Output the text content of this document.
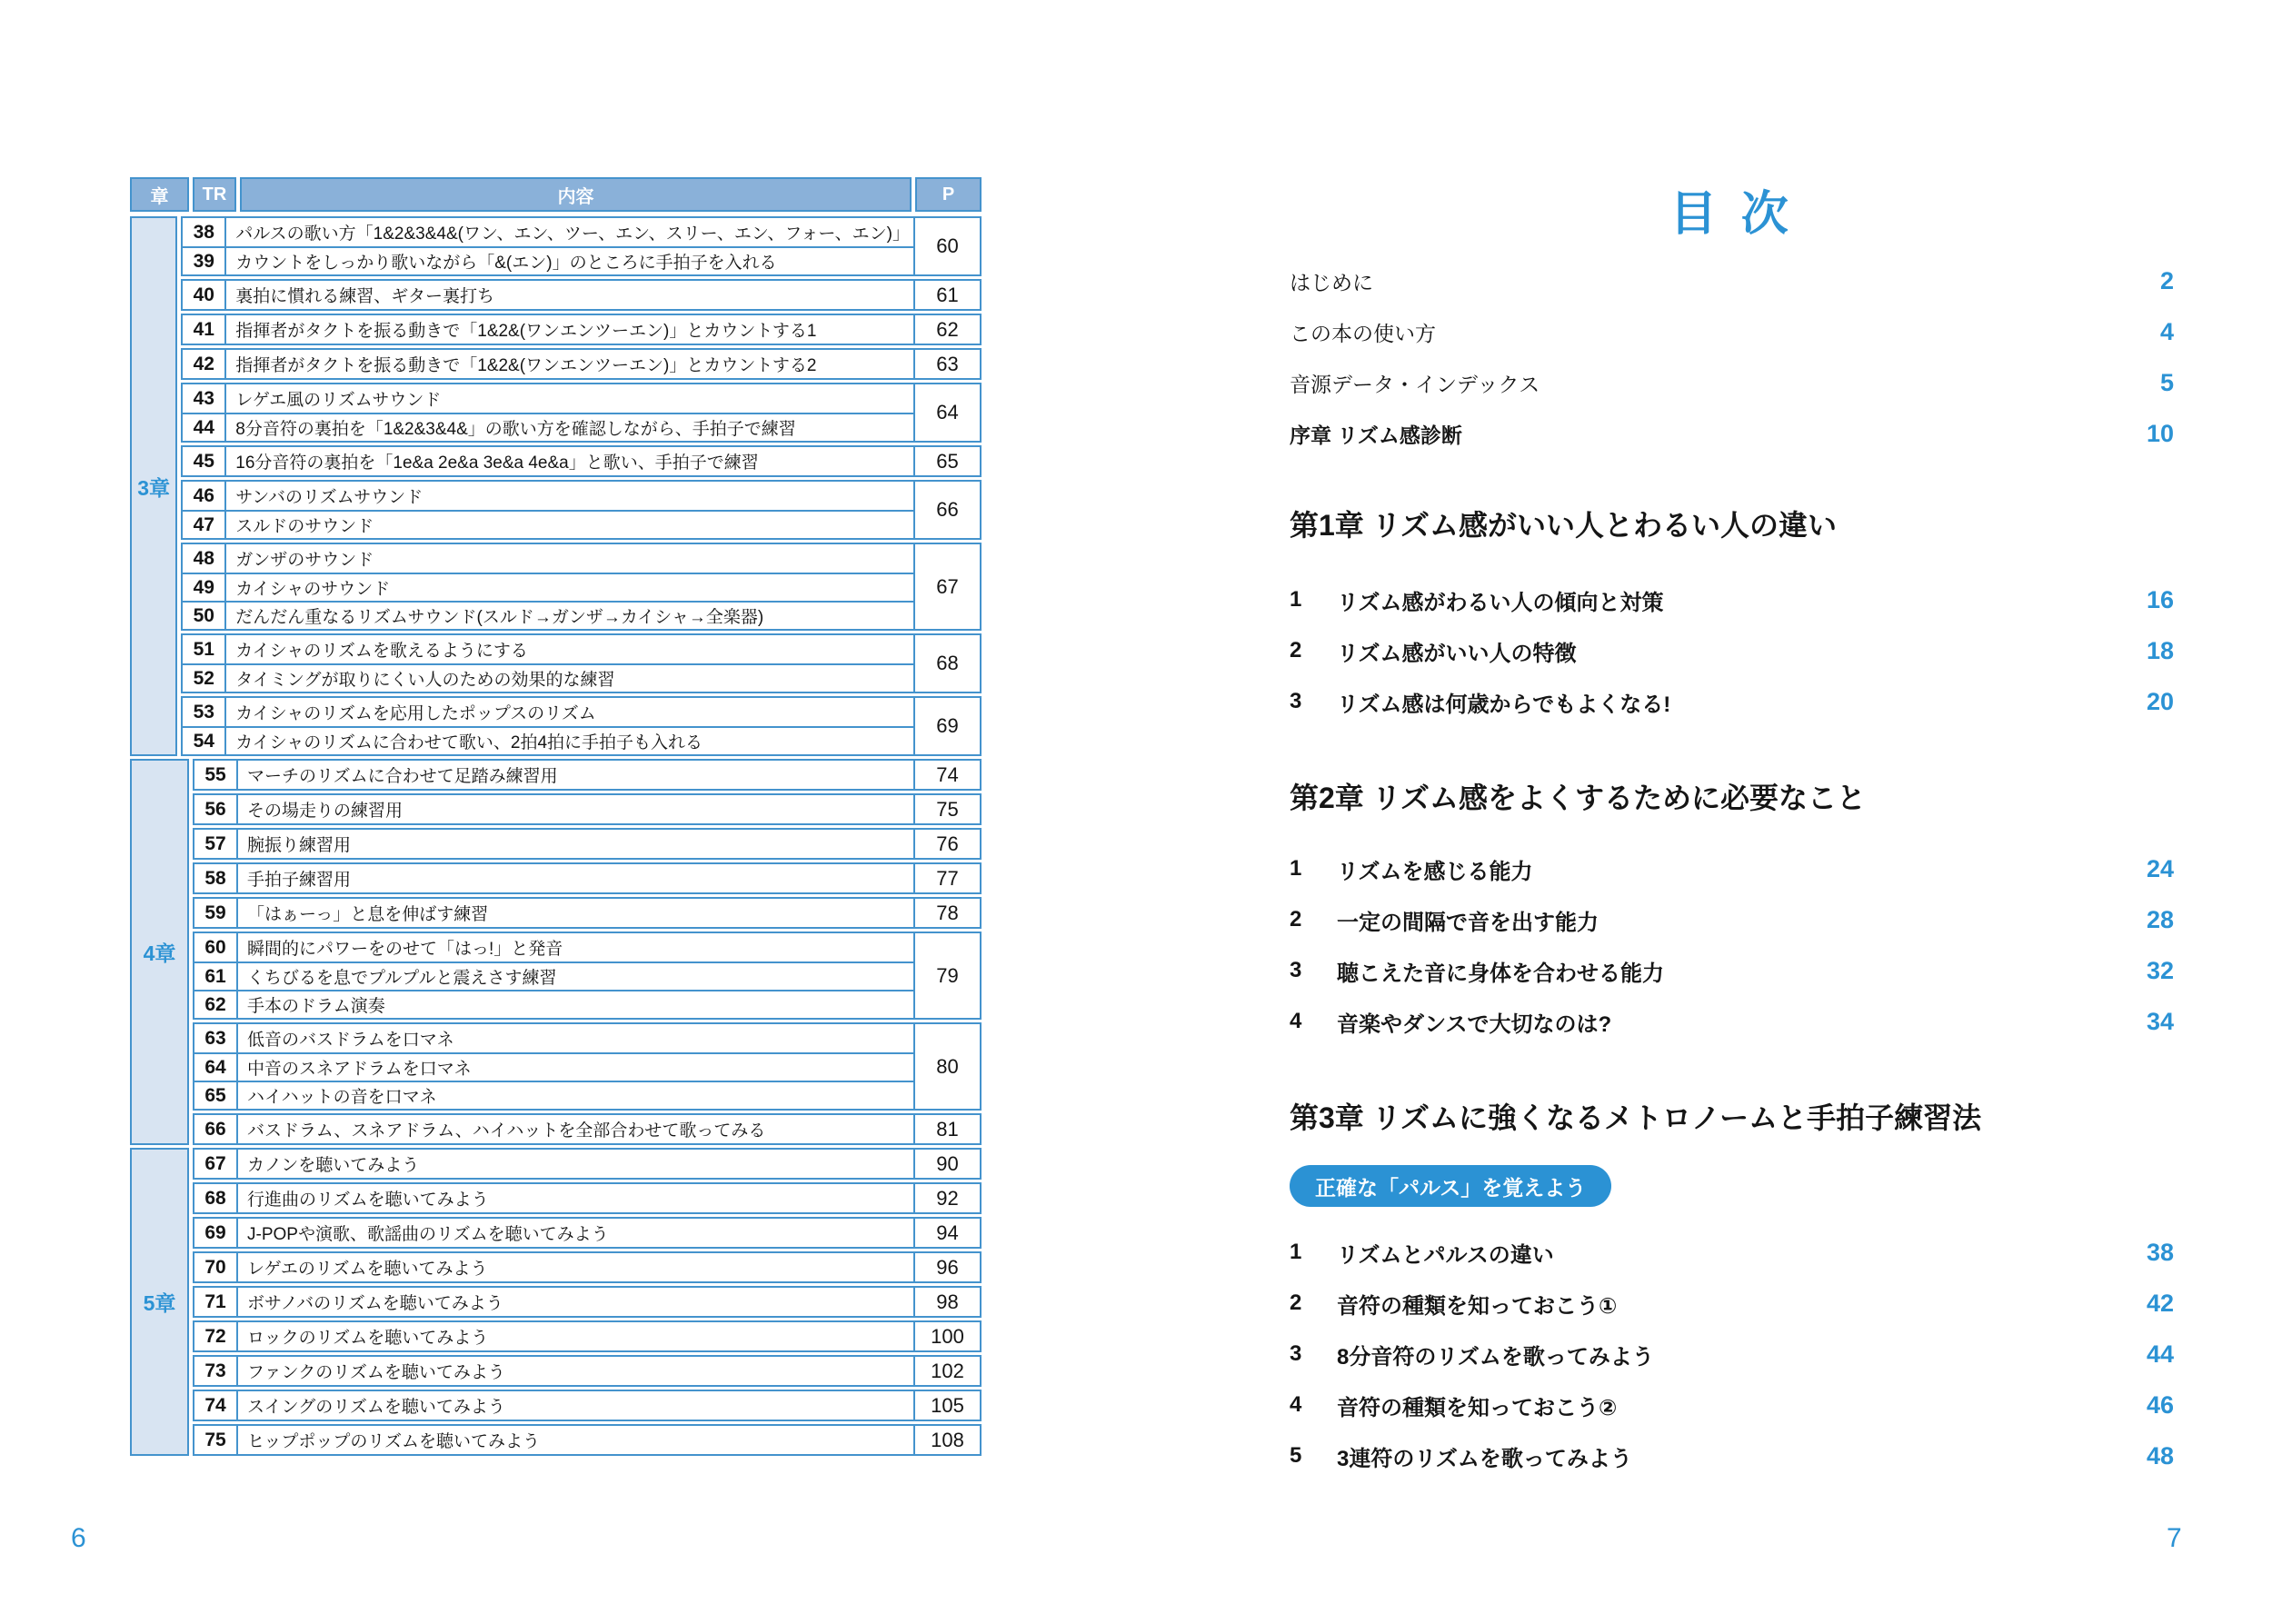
章	TR	内容	P
3章
38	パルスの歌い方「1&2&3&4&(ワン、エン、ツー、エン、スリー、エン、フォー、エン)」
39	カウントをしっかり歌いながら「&(エン)」のところに手拍子を入れる
60
40	裏拍に慣れる練習、ギター裏打ち	61
41	指揮者がタクトを振る動きで「1&2&(ワンエンツーエン)」とカウントする1	62
42	指揮者がタクトを振る動きで「1&2&(ワンエンツーエン)」とカウントする2	63
43	レゲエ風のリズムサウンド
44	8分音符の裏拍を「1&2&3&4&」の歌い方を確認しながら、手拍子で練習
64
45	16分音符の裏拍を「1e&a 2e&a 3e&a 4e&a」と歌い、手拍子で練習	65
46	サンバのリズムサウンド
47	スルドのサウンド
66
48	ガンザのサウンド
49	カイシャのサウンド
50	だんだん重なるリズムサウンド(スルド→ガンザ→カイシャ→全楽器)
67
51	カイシャのリズムを歌えるようにする
52	タイミングが取りにくい人のための効果的な練習
68
53	カイシャのリズムを応用したポップスのリズム
54	カイシャのリズムに合わせて歌い、2拍4拍に手拍子も入れる
69
4章
55	マーチのリズムに合わせて足踏み練習用	74
56	その場走りの練習用	75
57	腕振り練習用	76
58	手拍子練習用	77
59	「はぁーっ」と息を伸ばす練習	78
60	瞬間的にパワーをのせて「はっ!」と発音
61	くちびるを息でプルプルと震えさす練習
62	手本のドラム演奏
79
63	低音のバスドラムを口マネ
64	中音のスネアドラムを口マネ
65	ハイハットの音を口マネ
80
66	バスドラム、スネアドラム、ハイハットを全部合わせて歌ってみる	81
5章
67	カノンを聴いてみよう	90
68	行進曲のリズムを聴いてみよう	92
69	J-POPや演歌、歌謡曲のリズムを聴いてみよう	94
70	レゲエのリズムを聴いてみよう	96
71	ボサノバのリズムを聴いてみよう	98
72	ロックのリズムを聴いてみよう	100
73	ファンクのリズムを聴いてみよう	102
74	スイングのリズムを聴いてみよう	105
75	ヒップポップのリズムを聴いてみよう	108
6
目 次
はじめに	2
この本の使い方	4
音源データ・インデックス	5
序章 リズム感診断	10
第1章 リズム感がいい人とわるい人の違い
1	リズム感がわるい人の傾向と対策	16
2	リズム感がいい人の特徴	18
3	リズム感は何歳からでもよくなる!	20
第2章 リズム感をよくするために必要なこと
1	リズムを感じる能力	24
2	一定の間隔で音を出す能力	28
3	聴こえた音に身体を合わせる能力	32
4	音楽やダンスで大切なのは?	34
第3章 リズムに強くなるメトロノームと手拍子練習法
正確な「パルス」を覚えよう
1	リズムとパルスの違い	38
2	音符の種類を知っておこう①	42
3	8分音符のリズムを歌ってみよう	44
4	音符の種類を知っておこう②	46
5	3連符のリズムを歌ってみよう	48
7
